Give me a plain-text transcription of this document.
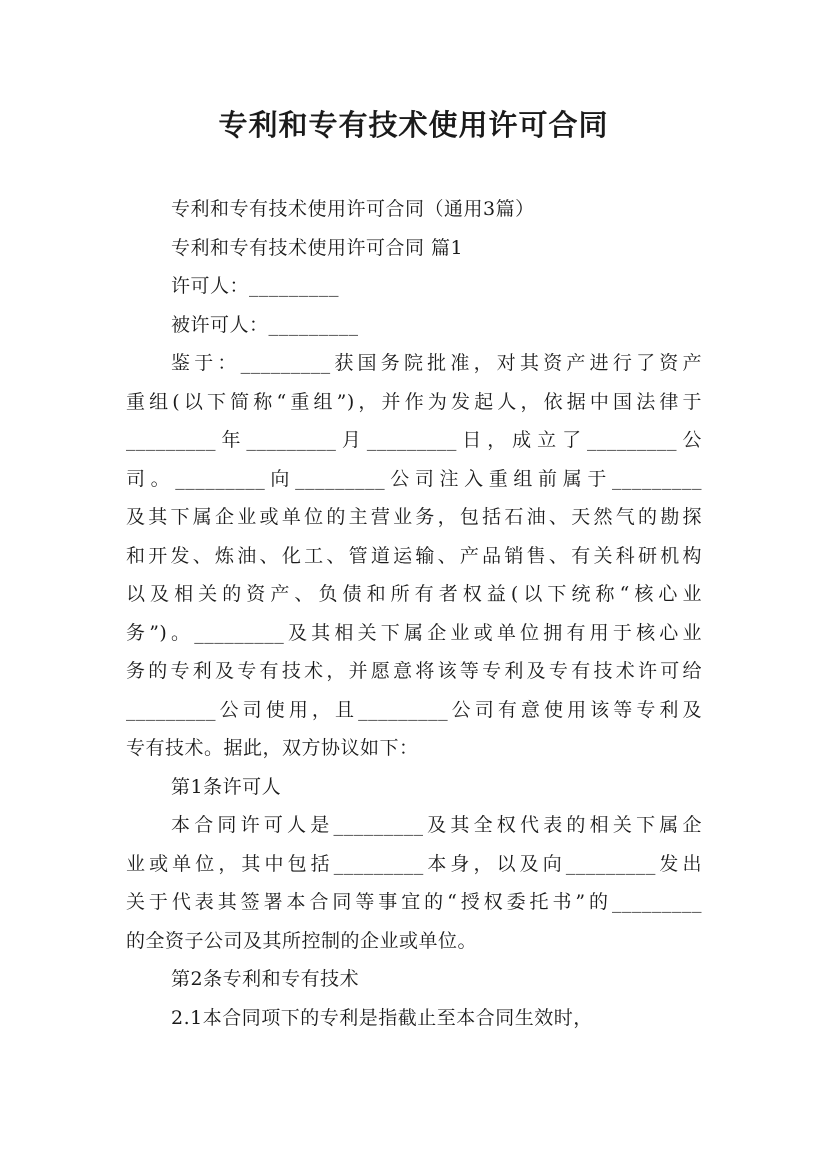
专利和专有技术使用许可合同
专利和专有技术使用许可合同（通用3篇）
专利和专有技术使用许可合同 篇1
许可人：_________
被许可人：_________
鉴于：_________获国务院批准，对其资产进行了资产
重组(以下简称“重组”)，并作为发起人，依据中国法律于
_________年_________月_________日，成立了_________公
司。_________向_________公司注入重组前属于_________
及其下属企业或单位的主营业务，包括石油、天然气的勘探
和开发、炼油、化工、管道运输、产品销售、有关科研机构
以及相关的资产、负债和所有者权益(以下统称“核心业
务”)。_________及其相关下属企业或单位拥有用于核心业
务的专利及专有技术，并愿意将该等专利及专有技术许可给
_________公司使用，且_________公司有意使用该等专利及
专有技术。据此，双方协议如下：
第1条许可人
本合同许可人是_________及其全权代表的相关下属企
业或单位，其中包括_________本身，以及向_________发出
关于代表其签署本合同等事宜的“授权委托书”的_________
的全资子公司及其所控制的企业或单位。
第2条专利和专有技术
2.1本合同项下的专利是指截止至本合同生效时，
